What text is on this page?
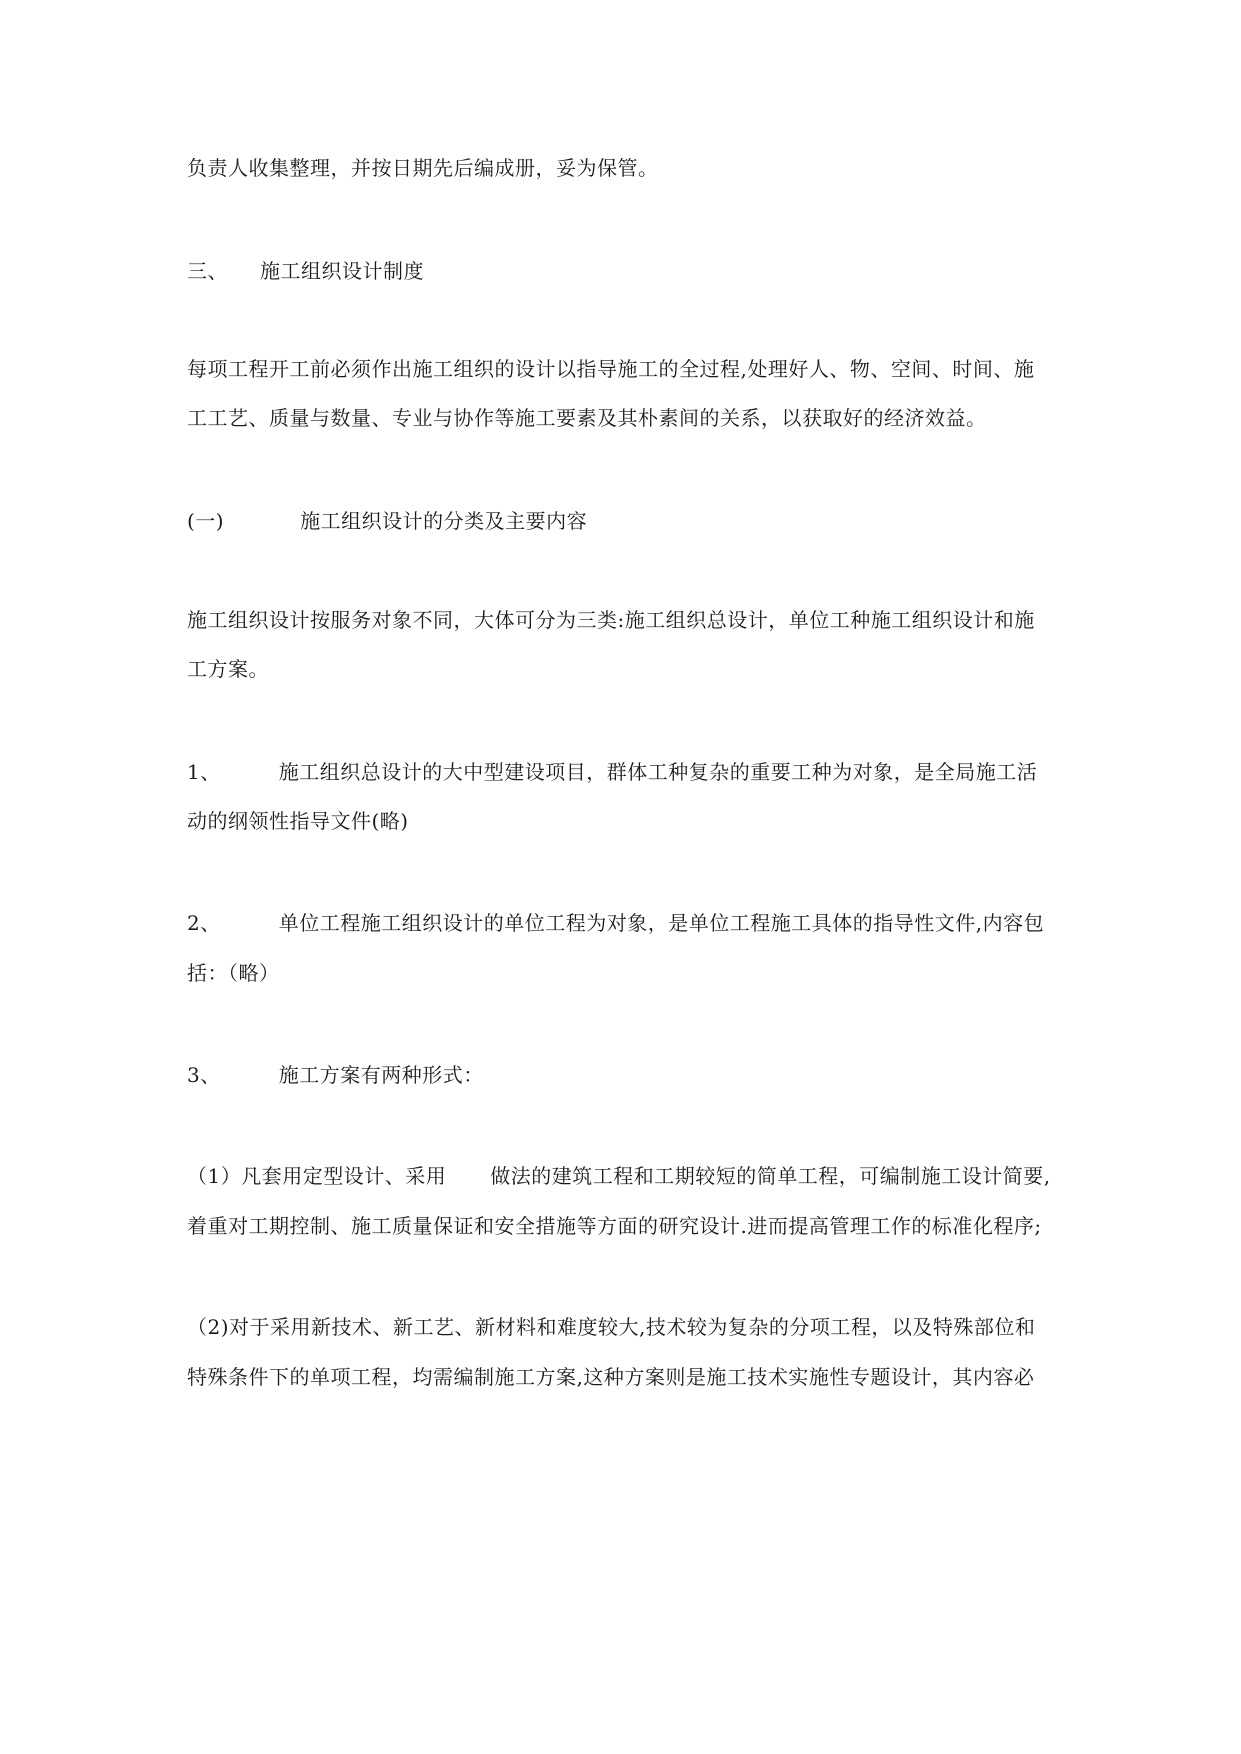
负责人收集整理，并按日期先后编成册，妥为保管。
三、 施工组织设计制度
每项工程开工前必须作出施工组织的设计以指导施工的全过程,处理好人、物、空间、时间、施
工工艺、质量与数量、专业与协作等施工要素及其朴素间的关系，以获取好的经济效益。
(一)	施工组织设计的分类及主要内容
施工组织设计按服务对象不同，大体可分为三类:施工组织总设计，单位工种施工组织设计和施
工方案。
1、	施工组织总设计的大中型建设项目，群体工种复杂的重要工种为对象，是全局施工活
动的纲领性指导文件(略)
2、	单位工程施工组织设计的单位工程为对象，是单位工程施工具体的指导性文件,内容包
括：（略）
3、	施工方案有两种形式：
（1）凡套用定型设计、采用 做法的建筑工程和工期较短的简单工程，可编制施工设计简要,
着重对工期控制、施工质量保证和安全措施等方面的研究设计.进而提高管理工作的标准化程序;
（2)对于采用新技术、新工艺、新材料和难度较大,技术较为复杂的分项工程，以及特殊部位和
特殊条件下的单项工程，均需编制施工方案,这种方案则是施工技术实施性专题设计，其内容必
